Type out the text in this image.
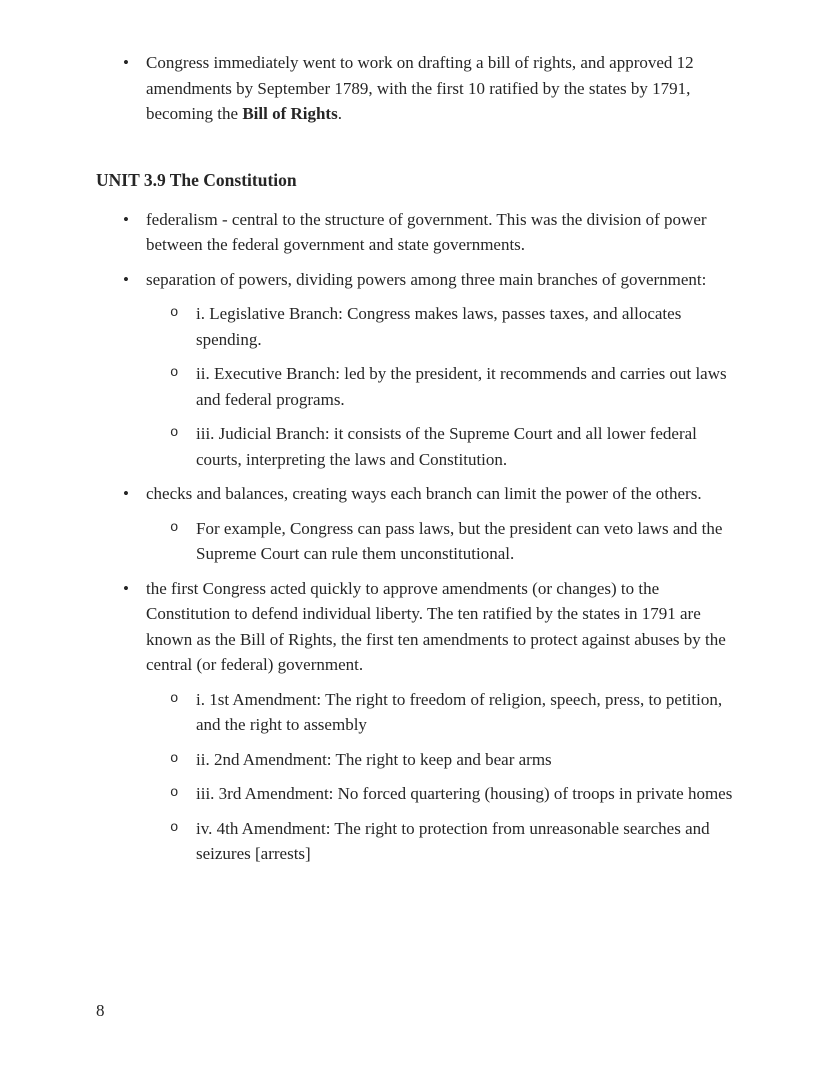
•	Congress immediately went to work on drafting a bill of rights, and approved 12 amendments by September 1789, with the first 10 ratified by the states by 1791, becoming the Bill of Rights.
UNIT 3.9 The Constitution
•	federalism - central to the structure of government. This was the division of power between the federal government and state governments.
•	separation of powers, dividing powers among three main branches of government:
o	i. Legislative Branch: Congress makes laws, passes taxes, and allocates spending.
o	ii. Executive Branch: led by the president, it recommends and carries out laws and federal programs.
o	iii. Judicial Branch: it consists of the Supreme Court and all lower federal courts, interpreting the laws and Constitution.
•	checks and balances, creating ways each branch can limit the power of the others.
o	For example, Congress can pass laws, but the president can veto laws and the Supreme Court can rule them unconstitutional.
•	the first Congress acted quickly to approve amendments (or changes) to the Constitution to defend individual liberty. The ten ratified by the states in 1791 are known as the Bill of Rights, the first ten amendments to protect against abuses by the central (or federal) government.
o	i. 1st Amendment: The right to freedom of religion, speech, press, to petition, and the right to assembly
o	ii. 2nd Amendment: The right to keep and bear arms
o	iii. 3rd Amendment: No forced quartering (housing) of troops in private homes
o	iv. 4th Amendment: The right to protection from unreasonable searches and seizures [arrests]
8
